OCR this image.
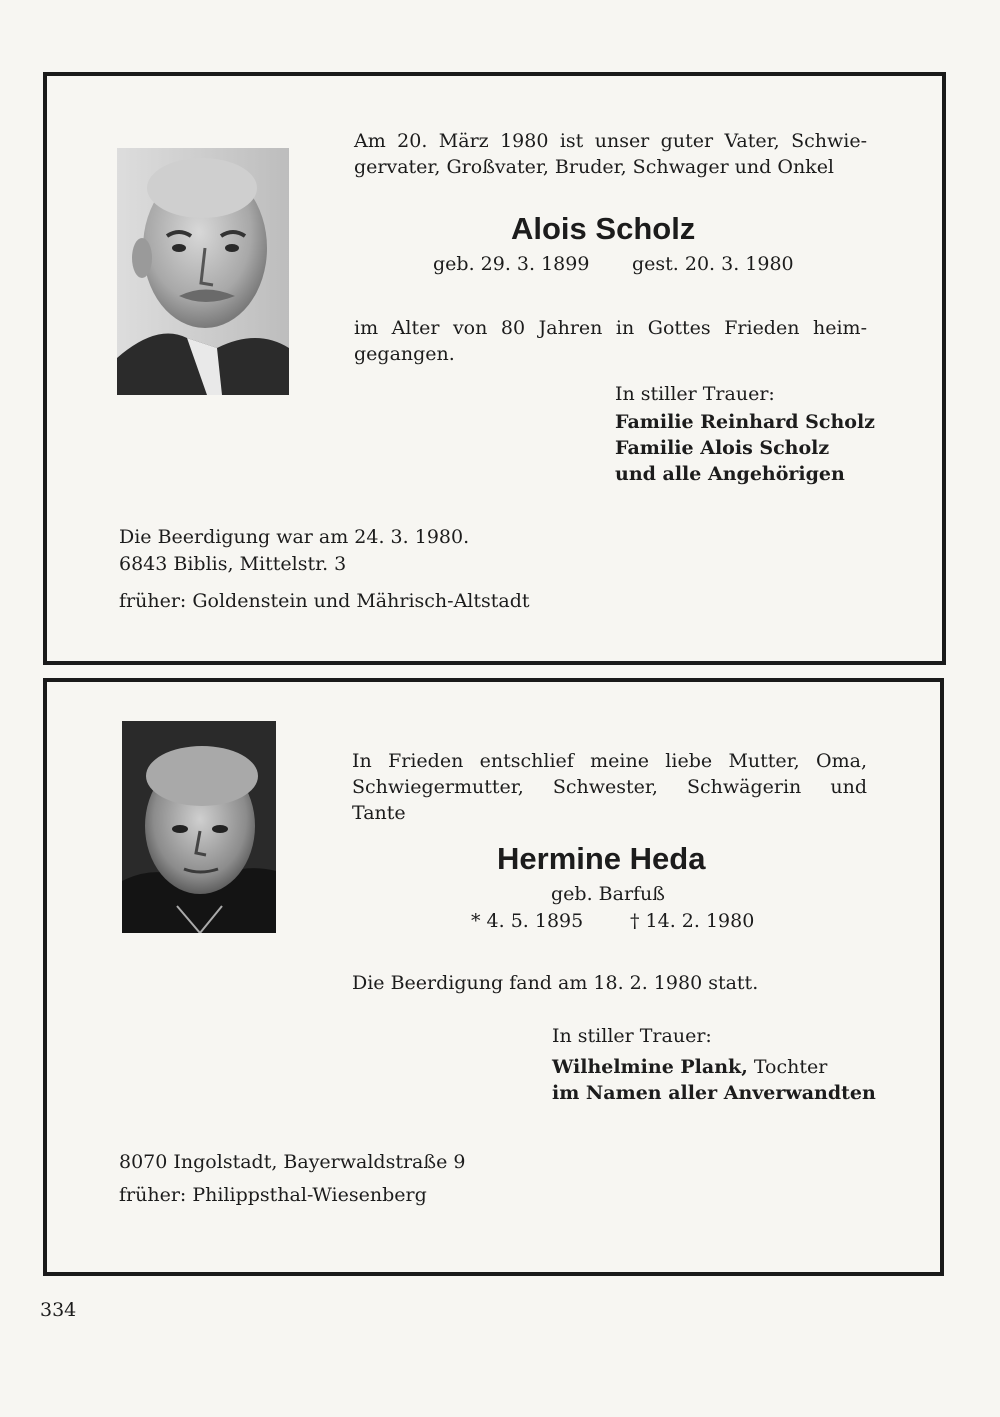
Am 20. März 1980 ist unser guter Vater, Schwie-
gervater, Großvater, Bruder, Schwager und Onkel
Alois Scholz
geb. 29. 3. 1899 gest. 20. 3. 1980
im Alter von 80 Jahren in Gottes Frieden heim-
gegangen.
In stiller Trauer:
Familie Reinhard Scholz
Familie Alois Scholz
und alle Angehörigen
Die Beerdigung war am 24. 3. 1980.
6843 Biblis, Mittelstr. 3
früher: Goldenstein und Mährisch-Altstadt
In Frieden entschlief meine liebe Mutter, Oma,
Schwiegermutter, Schwester, Schwägerin und
Tante
Hermine Heda
geb. Barfuß
* 4. 5. 1895 † 14. 2. 1980
Die Beerdigung fand am 18. 2. 1980 statt.
In stiller Trauer:
Wilhelmine Plank, Tochter
im Namen aller Anverwandten
8070 Ingolstadt, Bayerwaldstraße 9
früher: Philippsthal-Wiesenberg
334
